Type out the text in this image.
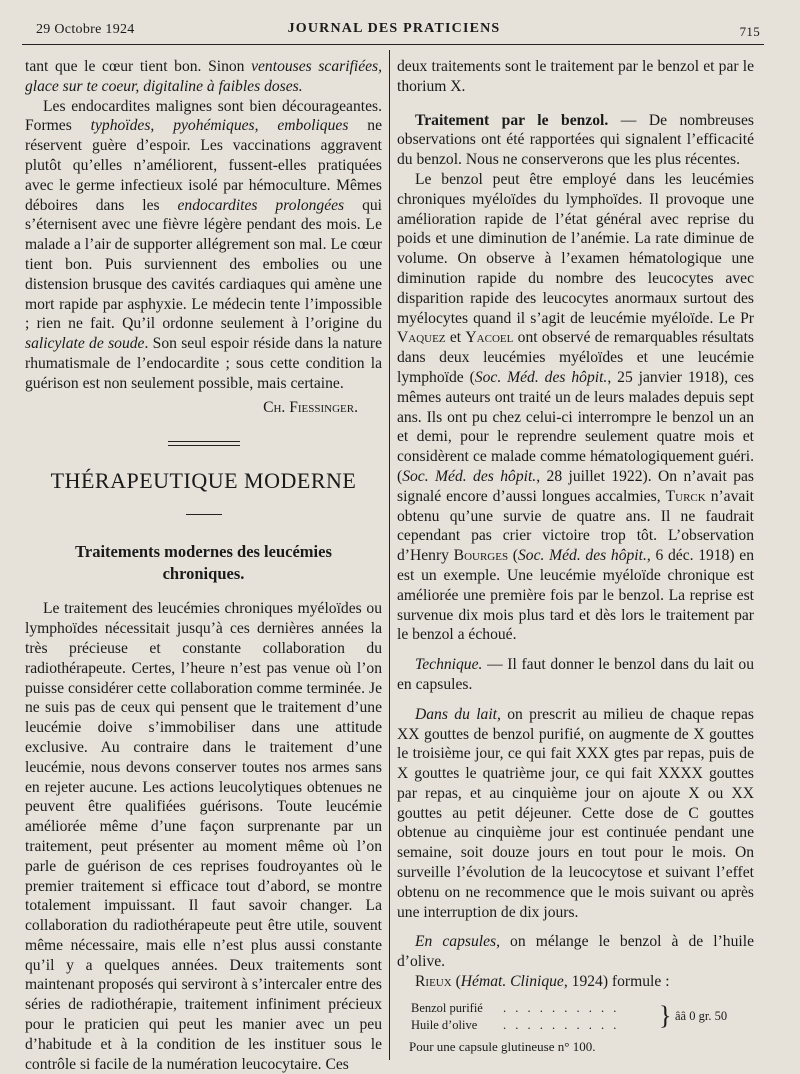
29 Octobre 1924	JOURNAL DES PRATICIENS	715

tant que le cœur tient bon. Sinon ventouses scarifiées, glace sur te coeur, digitaline à faibles doses.

Les endocardites malignes sont bien décourageantes. Formes typhoïdes, pyohémiques, emboliques ne réservent guère d’espoir. Les vaccinations aggravent plutôt qu’elles n’améliorent, fussent-elles pratiquées avec le germe infectieux isolé par hémoculture. Mêmes déboires dans les endocardites prolongées qui s’éternisent avec une fièvre légère pendant des mois. Le malade a l’air de supporter allégrement son mal. Le cœur tient bon. Puis surviennent des embolies ou une distension brusque des cavités cardiaques qui amène une mort rapide par asphyxie. Le médecin tente l’impossible ; rien ne fait. Qu’il ordonne seulement à l’origine du salicylate de soude. Son seul espoir réside dans la nature rhumatismale de l’endocardite ; sous cette condition la guérison est non seulement possible, mais certaine.

Ch. Fiessinger.

THÉRAPEUTIQUE MODERNE

Traitements modernes des leucémies chroniques.

Le traitement des leucémies chroniques myéloïdes ou lymphoïdes nécessitait jusqu’à ces dernières années la très précieuse et constante collaboration du radiothérapeute. Certes, l’heure n’est pas venue où l’on puisse considérer cette collaboration comme terminée. Je ne suis pas de ceux qui pensent que le traitement d’une leucémie doive s’immobiliser dans une attitude exclusive. Au contraire dans le traitement d’une leucémie, nous devons conserver toutes nos armes sans en rejeter aucune. Les actions leucolytiques obtenues ne peuvent être qualifiées guérisons. Toute leucémie améliorée même d’une façon surprenante par un traitement, peut présenter au moment même où l’on parle de guérison de ces reprises foudroyantes où le premier traitement si efficace tout d’abord, se montre totalement impuissant. Il faut savoir changer. La collaboration du radiothérapeute peut être utile, souvent même nécessaire, mais elle n’est plus aussi constante qu’il y a quelques années. Deux traitements sont maintenant proposés qui serviront à s’intercaler entre des séries de radiothérapie, traitement infiniment précieux pour le praticien qui peut les manier avec un peu d’habitude et à la condition de les instituer sous le contrôle si facile de la numération leucocytaire. Ces

deux traitements sont le traitement par le benzol et par le thorium X.

Traitement par le benzol. — De nombreuses observations ont été rapportées qui signalent l’efficacité du benzol. Nous ne conserverons que les plus récentes.

Le benzol peut être employé dans les leucémies chroniques myéloïdes du lymphoïdes. Il provoque une amélioration rapide de l’état général avec reprise du poids et une diminution de l’anémie. La rate diminue de volume. On observe à l’examen hématologique une diminution rapide du nombre des leucocytes avec disparition rapide des leucocytes anormaux surtout des myélocytes quand il s’agit de leucémie myéloïde. Le Pr Vaquez et Yacoel ont observé de remarquables résultats dans deux leucémies myéloïdes et une leucémie lymphoïde (Soc. Méd. des hôpit., 25 janvier 1918), ces mêmes auteurs ont traité un de leurs malades depuis sept ans. Ils ont pu chez celui-ci interrompre le benzol un an et demi, pour le reprendre seulement quatre mois et considèrent ce malade comme hématologiquement guéri. (Soc. Méd. des hôpit., 28 juillet 1922). On n’avait pas signalé encore d’aussi longues accalmies, Turck n’avait obtenu qu’une survie de quatre ans. Il ne faudrait cependant pas crier victoire trop tôt. L’observation d’Henry Bourges (Soc. Méd. des hôpit., 6 déc. 1918) en est un exemple. Une leucémie myéloïde chronique est améliorée une première fois par le benzol. La reprise est survenue dix mois plus tard et dès lors le traitement par le benzol a échoué.

Technique. — Il faut donner le benzol dans du lait ou en capsules.

Dans du lait, on prescrit au milieu de chaque repas XX gouttes de benzol purifié, on augmente de X gouttes le troisième jour, ce qui fait XXX gtes par repas, puis de X gouttes le quatrième jour, ce qui fait XXXX gouttes par repas, et au cinquième jour on ajoute X ou XX gouttes au petit déjeuner. Cette dose de C gouttes obtenue au cinquième jour est continuée pendant une semaine, soit douze jours en tout pour le mois. On surveille l’évolution de la leucocytose et suivant l’effet obtenu on ne recommence que le mois suivant ou après une interruption de dix jours.

En capsules, on mélange le benzol à de l’huile d’olive.

Rieux (Hémat. Clinique, 1924) formule :

Benzol purifié . . . . . . . . . . } ââ 0 gr. 50
Huile d’olive . . . . . . . . . .
Pour une capsule glutineuse n° 100.
